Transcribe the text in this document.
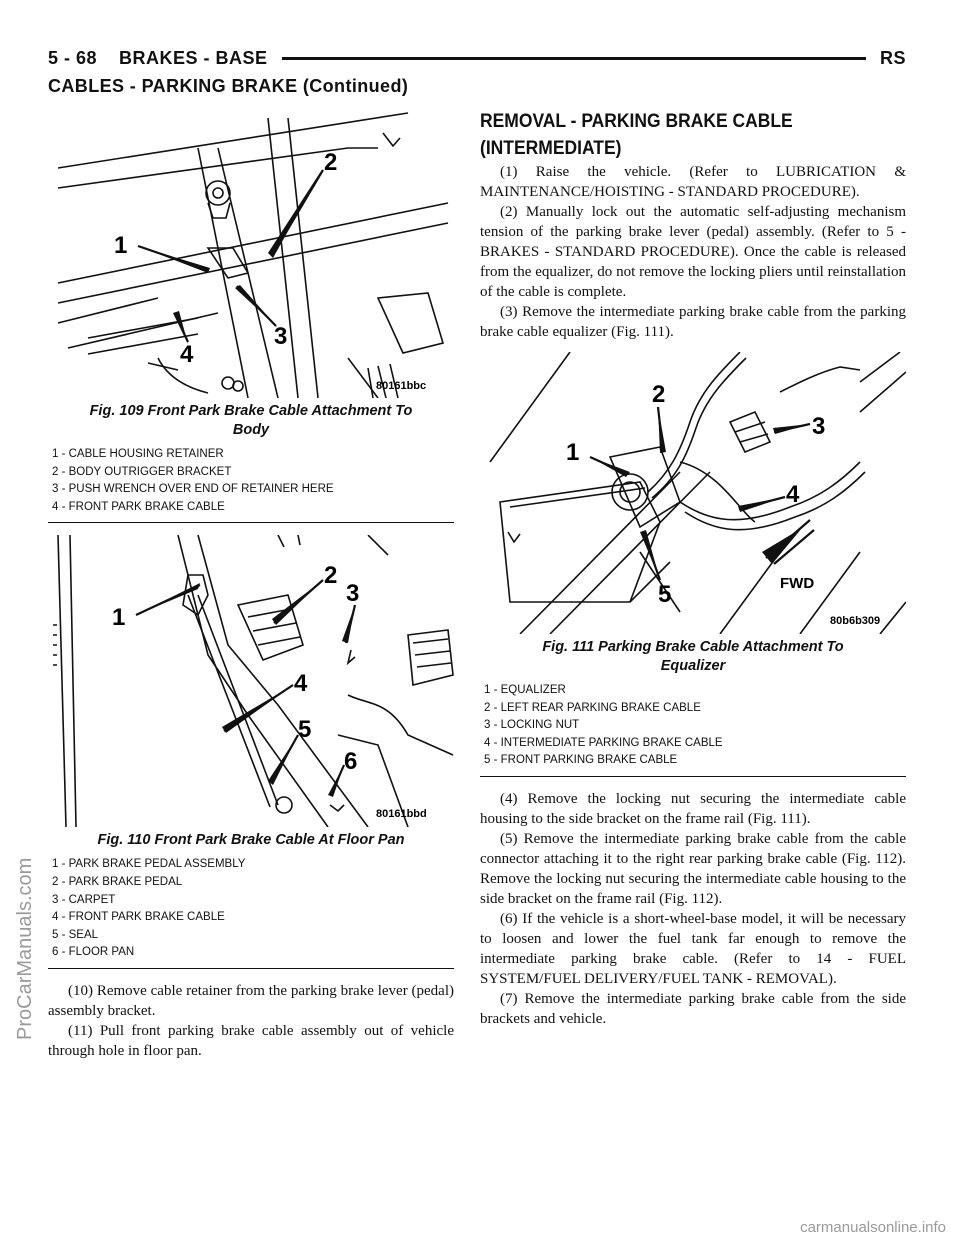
5 - 68 BRAKES - BASE	RS
CABLES - PARKING BRAKE (Continued)
1
2
3
4
80161bbc
Fig. 109 Front Park Brake Cable Attachment To
Body
1 - CABLE HOUSING RETAINER
2 - BODY OUTRIGGER BRACKET
3 - PUSH WRENCH OVER END OF RETAINER HERE
4 - FRONT PARK BRAKE CABLE
1
2
3
4
5
6
80161bbd
Fig. 110 Front Park Brake Cable At Floor Pan
1 - PARK BRAKE PEDAL ASSEMBLY
2 - PARK BRAKE PEDAL
3 - CARPET
4 - FRONT PARK BRAKE CABLE
5 - SEAL
6 - FLOOR PAN

(10) Remove cable retainer from the parking brake lever (pedal) assembly bracket.

(11) Pull front parking brake cable assembly out of vehicle through hole in floor pan.

REMOVAL - PARKING BRAKE CABLE
(INTERMEDIATE)

(1) Raise the vehicle. (Refer to LUBRICATION & MAINTENANCE/HOISTING - STANDARD PROCEDURE).

(2) Manually lock out the automatic self-adjusting mechanism tension of the parking brake lever (pedal) assembly. (Refer to 5 - BRAKES - STANDARD PROCEDURE). Once the cable is released from the equalizer, do not remove the locking pliers until reinstallation of the cable is complete.

(3) Remove the intermediate parking brake cable from the parking brake cable equalizer (Fig. 111).

1
2
3
4
5	FWD
80b6b309
Fig. 111 Parking Brake Cable Attachment To
Equalizer
1 - EQUALIZER
2 - LEFT REAR PARKING BRAKE CABLE
3 - LOCKING NUT
4 - INTERMEDIATE PARKING BRAKE CABLE
5 - FRONT PARKING BRAKE CABLE

(4) Remove the locking nut securing the intermediate cable housing to the side bracket on the frame rail (Fig. 111).

(5) Remove the intermediate parking brake cable from the cable connector attaching it to the right rear parking brake cable (Fig. 112). Remove the locking nut securing the intermediate cable housing to the side bracket on the frame rail (Fig. 112).

(6) If the vehicle is a short-wheel-base model, it will be necessary to loosen and lower the fuel tank far enough to remove the intermediate parking brake cable. (Refer to 14 - FUEL SYSTEM/FUEL DELIVERY/FUEL TANK - REMOVAL).

(7) Remove the intermediate parking brake cable from the side brackets and vehicle.

ProCarManuals.com
carmanualsonline.info
